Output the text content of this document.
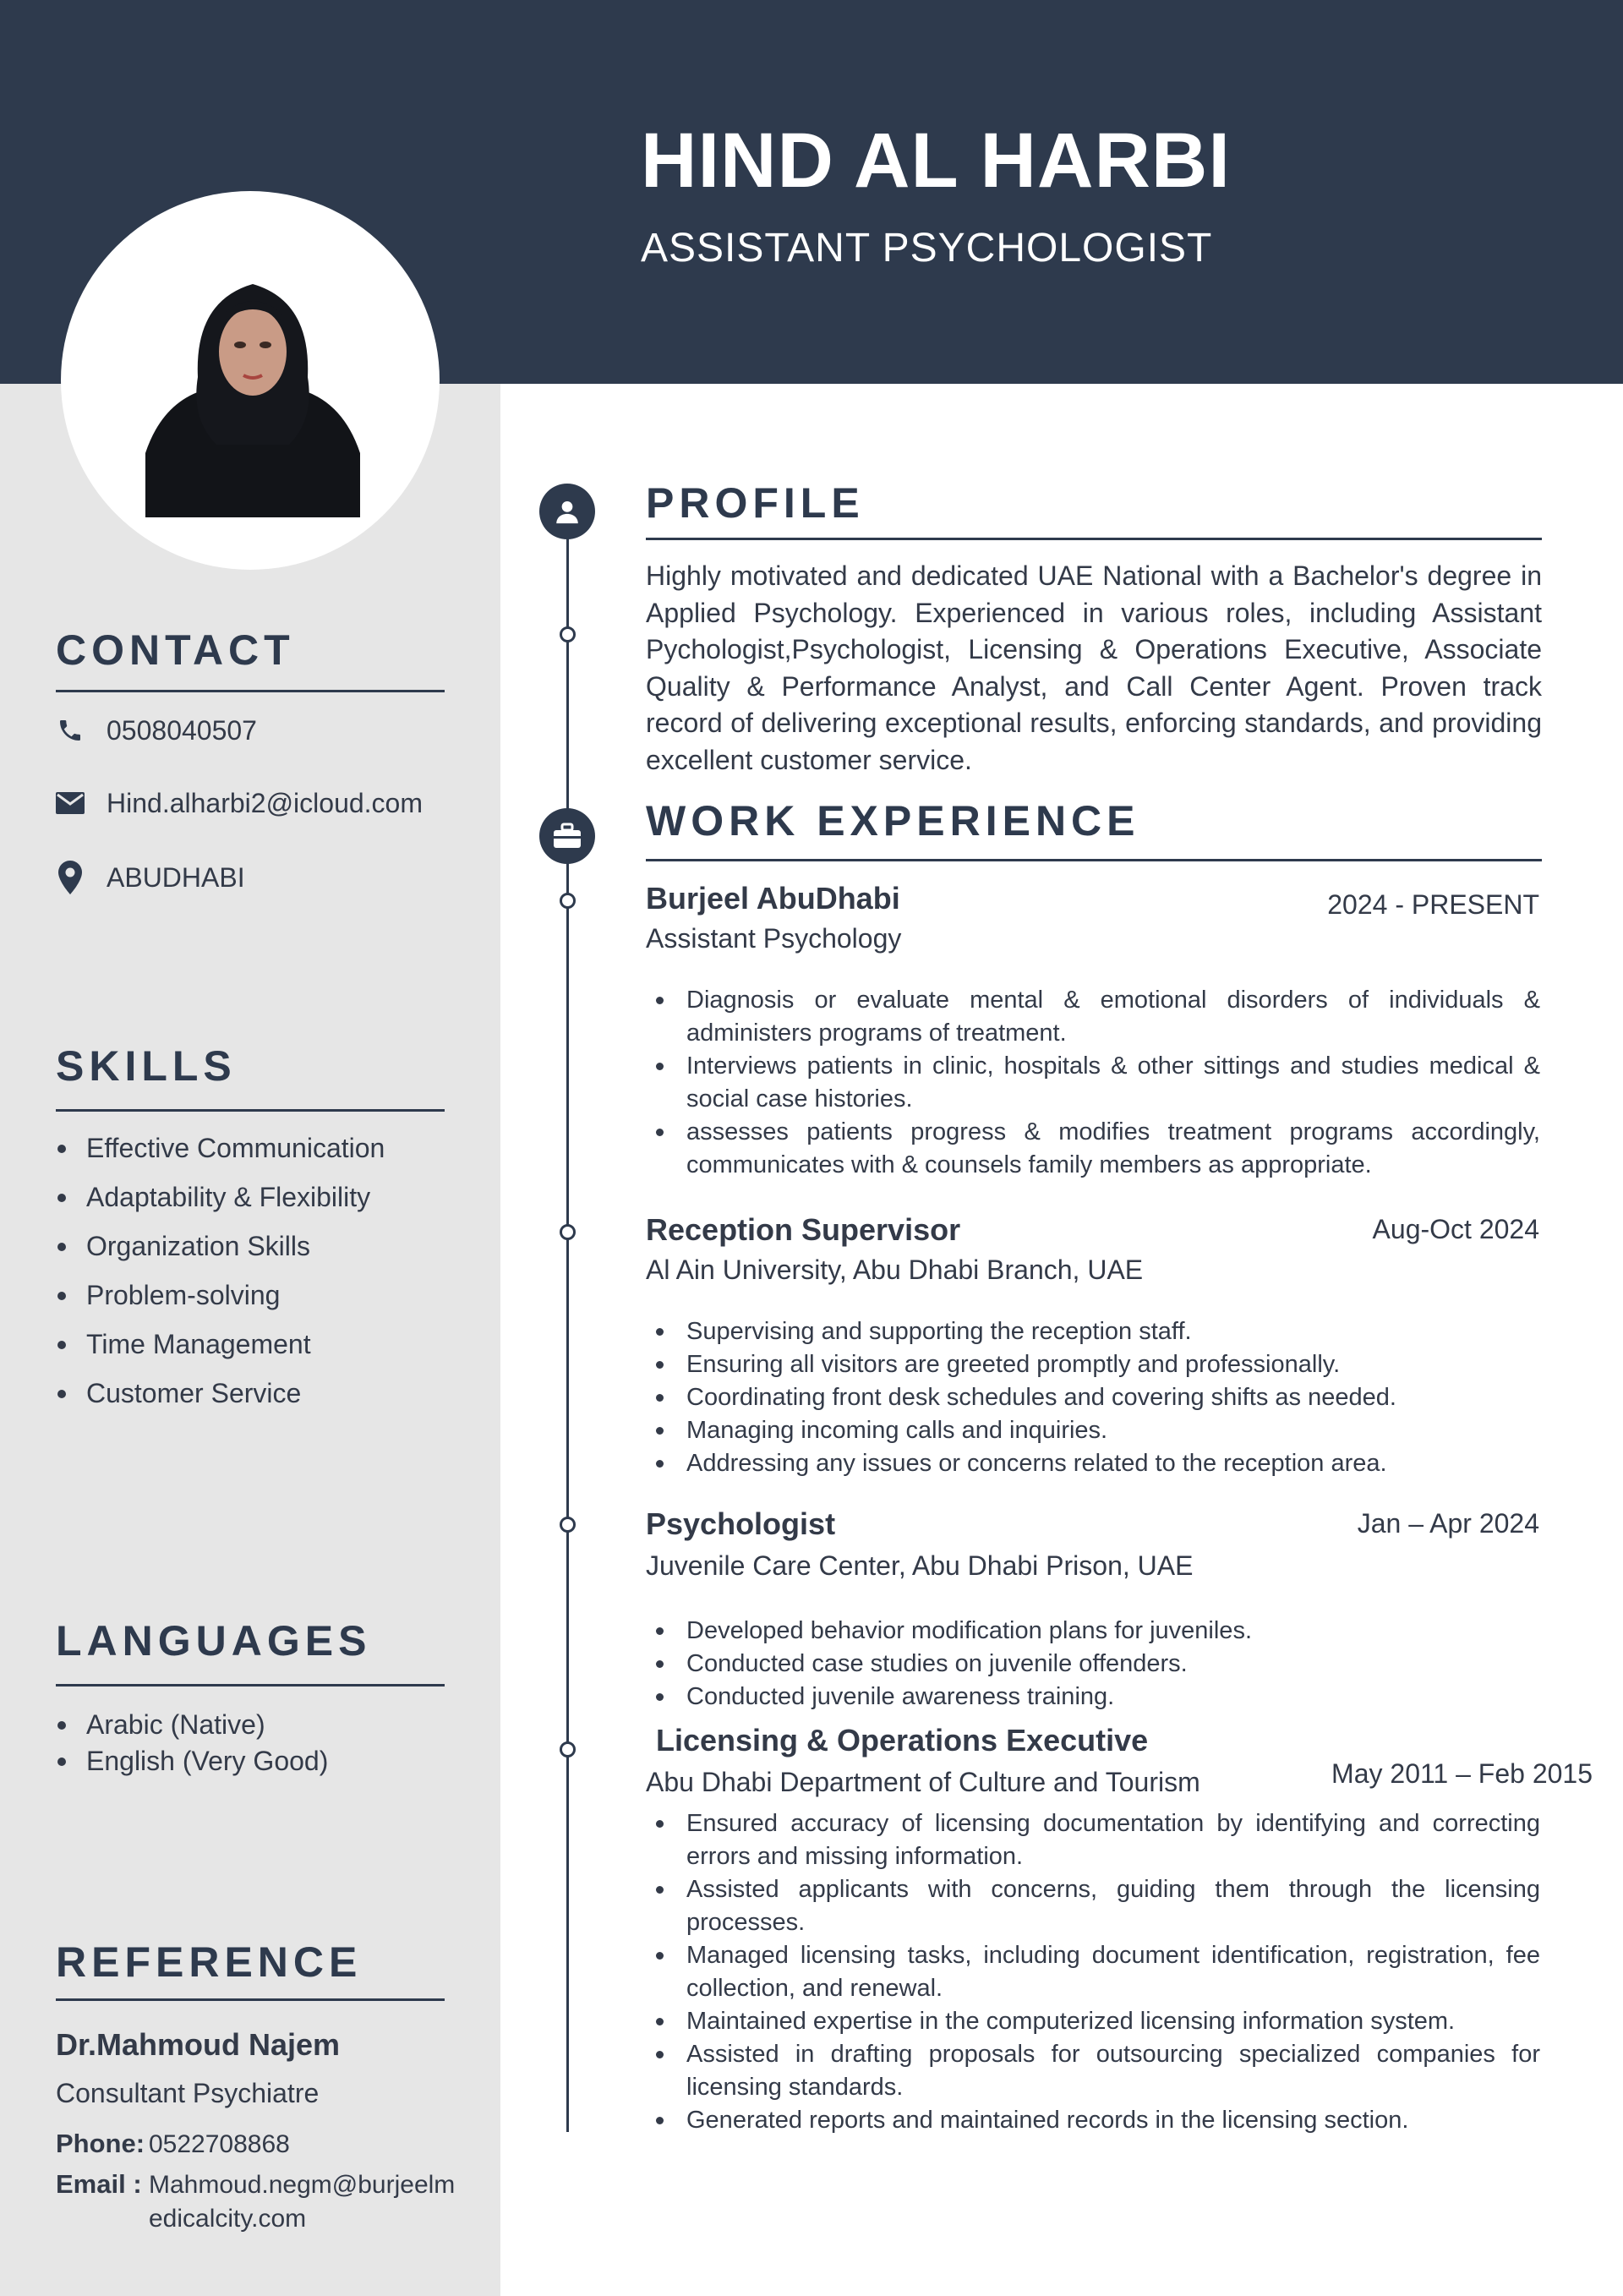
HIND AL HARBI
ASSISTANT PSYCHOLOGIST
CONTACT
0508040507
Hind.alharbi2@icloud.com
ABUDHABI
SKILLS
Effective Communication
Adaptability & Flexibility
Organization Skills
Problem-solving
Time Management
Customer Service
LANGUAGES
Arabic (Native)
English (Very Good)
REFERENCE
Dr.Mahmoud Najem
Consultant Psychiatre
Phone: 0522708868
Email : Mahmoud.negm@burjeelm
edicalcity.com
PROFILE
Highly motivated and dedicated UAE National with a Bachelor's degree in Applied Psychology. Experienced in various roles, including Assistant Pychologist,Psychologist, Licensing & Operations Executive, Associate Quality & Performance Analyst, and Call Center Agent. Proven track record of delivering exceptional results, enforcing standards, and providing excellent customer service.
WORK EXPERIENCE
Burjeel AbuDhabi	2024 - PRESENT
Assistant Psychology
Diagnosis or evaluate mental & emotional disorders of individuals & administers programs of treatment.
Interviews patients in clinic, hospitals & other sittings and studies medical & social case histories.
assesses patients progress & modifies treatment programs accordingly, communicates with & counsels family members as appropriate.
Reception Supervisor	Aug-Oct 2024
Al Ain University, Abu Dhabi Branch, UAE
Supervising and supporting the reception staff.
Ensuring all visitors are greeted promptly and professionally.
Coordinating front desk schedules and covering shifts as needed.
Managing incoming calls and inquiries.
Addressing any issues or concerns related to the reception area.
Psychologist	Jan – Apr 2024
Juvenile Care Center, Abu Dhabi Prison, UAE
Developed behavior modification plans for juveniles.
Conducted case studies on juvenile offenders.
Conducted juvenile awareness training.
Licensing & Operations Executive
May 2011 – Feb 2015
Abu Dhabi Department of Culture and Tourism
Ensured accuracy of licensing documentation by identifying and correcting errors and missing information.
Assisted applicants with concerns, guiding them through the licensing processes.
Managed licensing tasks, including document identification, registration, fee collection, and renewal.
Maintained expertise in the computerized licensing information system.
Assisted in drafting proposals for outsourcing specialized companies for licensing standards.
Generated reports and maintained records in the licensing section.
